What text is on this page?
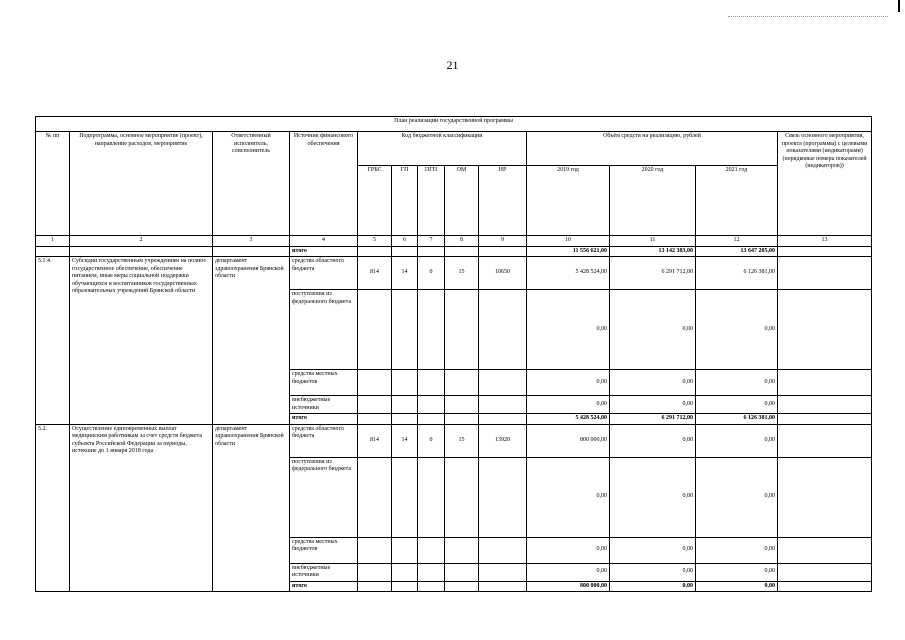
21
План реализации государственной программы												
№ пп	Подпрограмма, основное мероприятие (проект), направление расходов, мероприятие	Ответственный исполнитель, соисполнитель	Источник финансового обеспечения	Код бюджетной классификации					Объём средств на реализацию, рублей			Связь основного мероприятия, проекта (программы) с целевыми показателями (индикаторами) (порядковые номера показателей (индикаторов))
				ГРБС	ГП	ПГП	ОМ	НР	2019 год	2020 год	2021 год	
1	2	3	4	5	6	7	8	9	10	11	12	13
			итого						11 556 621,00	13 142 383,00	13 647 205,00	
5.1.4.	Субсидии государственным учреждениям на полное государственное обеспечение, обеспечение питанием, иные меры социальной поддержки обучающихся и воспитанников государственных образовательных учреждений Брянской области	департамент здравоохранения Брянской области	средства областного бюджета	814	14	0	15	10650	5 428 524,00	6 291 712,00	6 126 381,00	
			поступления из федерального бюджета						0,00	0,00	0,00	
			средства местных бюджетов						0,00	0,00	0,00	
			внебюджетные источники						0,00	0,00	0,00	
			итого						5 428 524,00	6 291 712,00	6 126 381,00	
5.2.	Осуществление единовременных выплат медицинским работникам за счет средств бюджета субъекта Российской Федерации за периоды, истекшие до 1 января 2018 года	департамент здравоохранения Брянской области	средства областного бюджета	814	14	0	15	13920	800 000,00	0,00	0,00	
			поступления из федерального бюджета						0,00	0,00	0,00	
			средства местных бюджетов						0,00	0,00	0,00	
			внебюджетные источники						0,00	0,00	0,00	
			итого						800 000,00	0,00	0,00	
